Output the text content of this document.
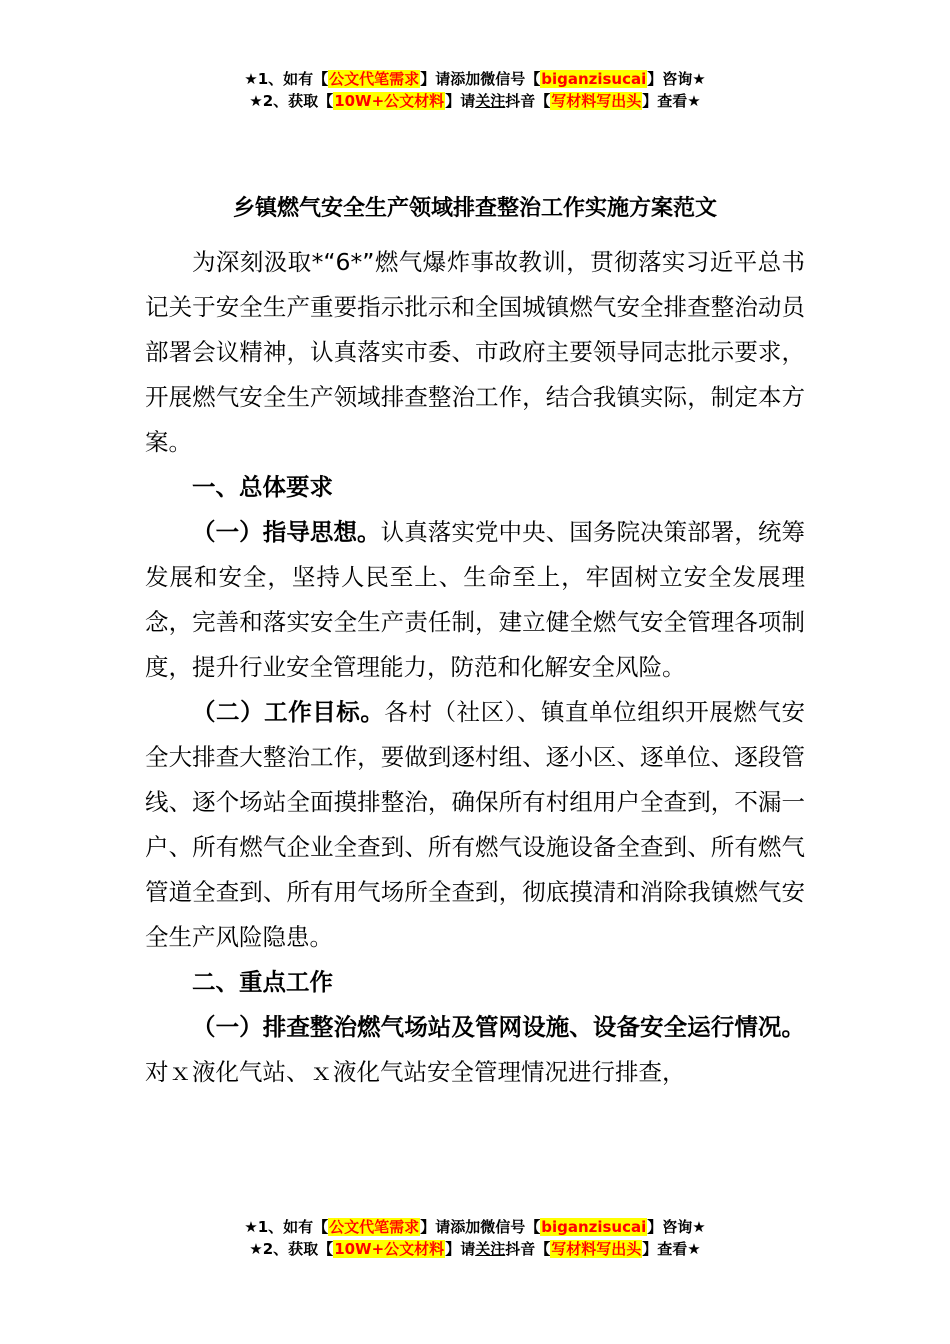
★1、如有【公文代笔需求】请添加微信号【biganzisucai】咨询★
★2、获取【10W+公文材料】请关注抖音【写材料写出头】查看★
乡镇燃气安全生产领域排查整治工作实施方案范文

为深刻汲取*“6*”燃气爆炸事故教训，贯彻落实习近平总书记关于安全生产重要指示批示和全国城镇燃气安全排查整治动员部署会议精神，认真落实市委、市政府主要领导同志批示要求，开展燃气安全生产领域排查整治工作，结合我镇实际，制定本方案。

一、总体要求

（一）指导思想。认真落实党中央、国务院决策部署，统筹发展和安全，坚持人民至上、生命至上，牢固树立安全发展理念，完善和落实安全生产责任制，建立健全燃气安全管理各项制度，提升行业安全管理能力，防范和化解安全风险。

（二）工作目标。各村（社区）、镇直单位组织开展燃气安全大排查大整治工作，要做到逐村组、逐小区、逐单位、逐段管线、逐个场站全面摸排整治，确保所有村组用户全查到，不漏一户、所有燃气企业全查到、所有燃气设施设备全查到、所有燃气管道全查到、所有用气场所全查到，彻底摸清和消除我镇燃气安全生产风险隐患。

二、重点工作

（一）排查整治燃气场站及管网设施、设备安全运行情况。对ｘ液化气站、ｘ液化气站安全管理情况进行排查，

★1、如有【公文代笔需求】请添加微信号【biganzisucai】咨询★
★2、获取【10W+公文材料】请关注抖音【写材料写出头】查看★
